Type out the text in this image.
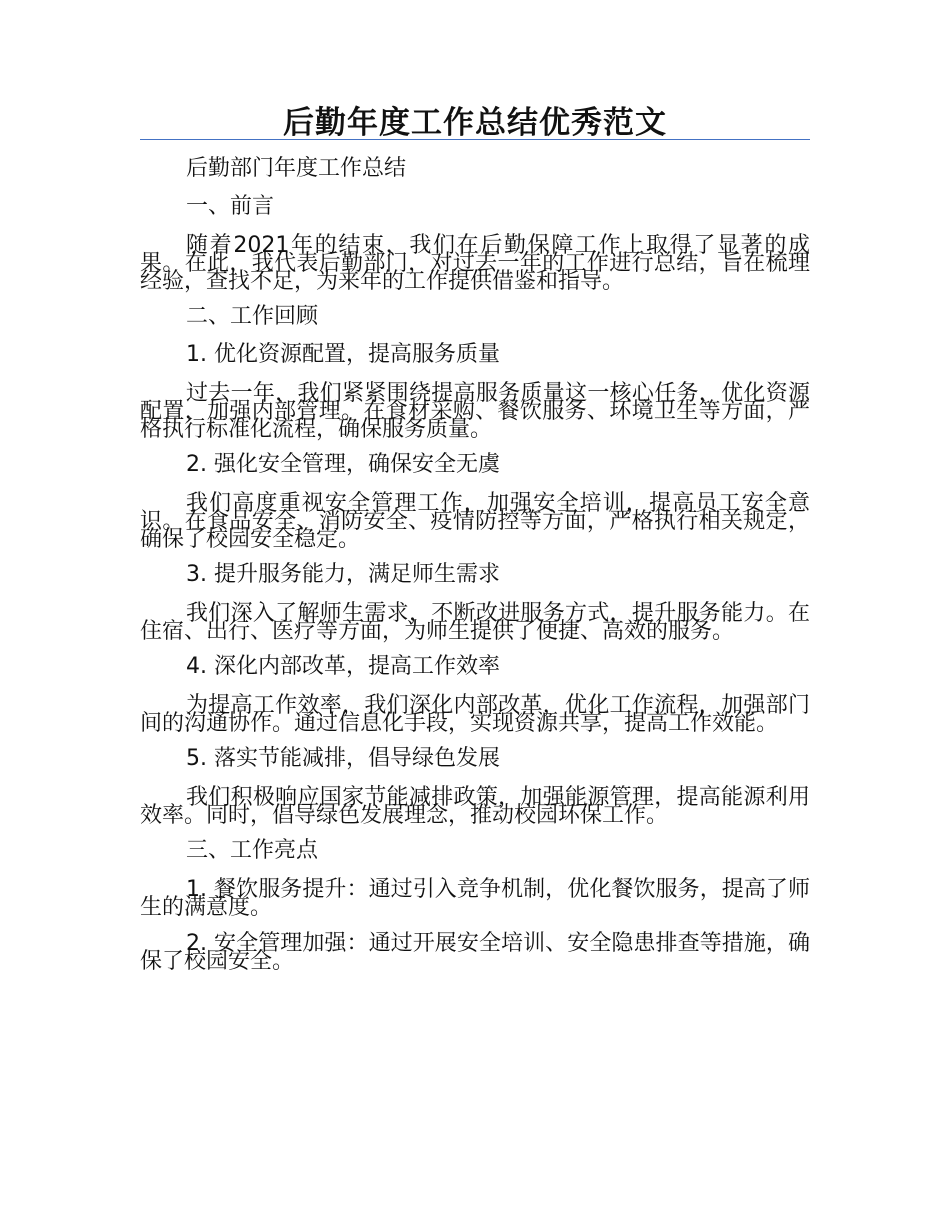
后勤年度工作总结优秀范文
后勤部门年度工作总结
一、前言
随着2021年的结束，我们在后勤保障工作上取得了显著的成果。在此，我代表后勤部门，对过去一年的工作进行总结，旨在梳理经验，查找不足，为来年的工作提供借鉴和指导。
二、工作回顾
1. 优化资源配置，提高服务质量
过去一年，我们紧紧围绕提高服务质量这一核心任务，优化资源配置，加强内部管理。在食材采购、餐饮服务、环境卫生等方面，严格执行标准化流程，确保服务质量。
2. 强化安全管理，确保安全无虞
我们高度重视安全管理工作，加强安全培训，提高员工安全意识。在食品安全、消防安全、疫情防控等方面，严格执行相关规定，确保了校园安全稳定。
3. 提升服务能力，满足师生需求
我们深入了解师生需求，不断改进服务方式，提升服务能力。在住宿、出行、医疗等方面，为师生提供了便捷、高效的服务。
4. 深化内部改革，提高工作效率
为提高工作效率，我们深化内部改革，优化工作流程，加强部门间的沟通协作。通过信息化手段，实现资源共享，提高工作效能。
5. 落实节能减排，倡导绿色发展
我们积极响应国家节能减排政策，加强能源管理，提高能源利用效率。同时，倡导绿色发展理念，推动校园环保工作。
三、工作亮点
1. 餐饮服务提升：通过引入竞争机制，优化餐饮服务，提高了师生的满意度。
2. 安全管理加强：通过开展安全培训、安全隐患排查等措施，确保了校园安全。
